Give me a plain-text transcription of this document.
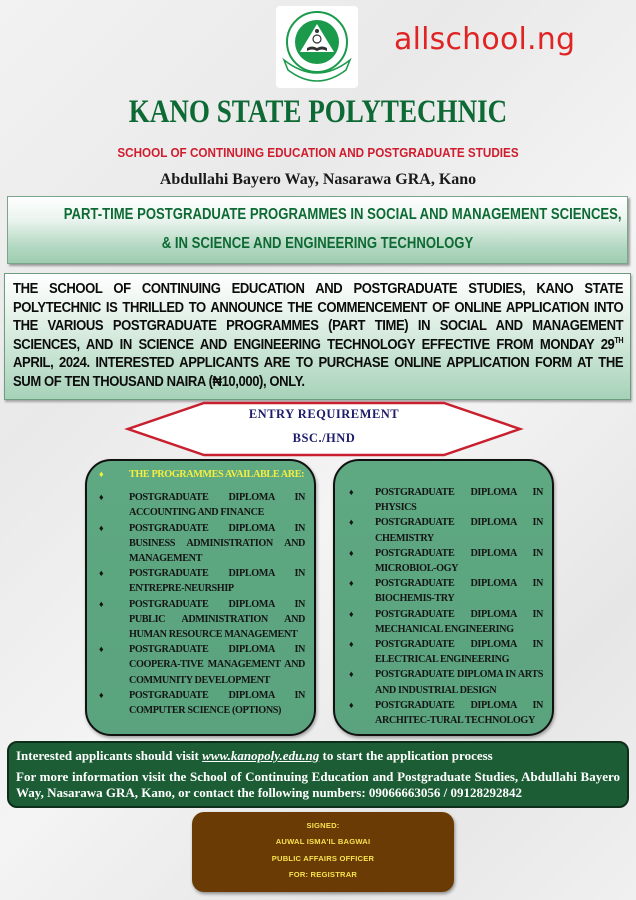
allschool.ng
KANO STATE POLYTECHNIC
SCHOOL OF CONTINUING EDUCATION AND POSTGRADUATE STUDIES
Abdullahi Bayero Way, Nasarawa GRA, Kano
PART-TIME POSTGRADUATE PROGRAMMES IN SOCIAL AND MANAGEMENT SCIENCES,
& IN SCIENCE AND ENGINEERING TECHNOLOGY

THE SCHOOL OF CONTINUING EDUCATION AND POSTGRADUATE STUDIES, KANO STATE POLYTECHNIC IS THRILLED TO ANNOUNCE THE COMMENCEMENT OF ONLINE APPLICATION INTO THE VARIOUS POSTGRADUATE PROGRAMMES (PART TIME) IN SOCIAL AND MANAGEMENT SCIENCES, AND IN SCIENCE AND ENGINEERING TECHNOLOGY EFFECTIVE FROM MONDAY 29TH APRIL, 2024. INTERESTED APPLICANTS ARE TO PURCHASE ONLINE APPLICATION FORM AT THE SUM OF TEN THOUSAND NAIRA (₦10,000), ONLY.

ENTRY REQUIREMENT
BSC./HND
♦	THE PROGRAMMES AVAILABLE ARE:
♦	POSTGRADUATE DIPLOMA IN ACCOUNTING AND FINANCE
♦	POSTGRADUATE DIPLOMA IN BUSINESS ADMINISTRATION AND MANAGEMENT
♦	POSTGRADUATE DIPLOMA IN ENTREPRE-NEURSHIP
♦	POSTGRADUATE DIPLOMA IN PUBLIC ADMINISTRATION AND HUMAN RESOURCE MANAGEMENT
♦	POSTGRADUATE DIPLOMA IN COOPERA-TIVE MANAGEMENT AND COMMUNITY DEVELOPMENT
♦	POSTGRADUATE DIPLOMA IN COMPUTER SCIENCE (OPTIONS)
♦ POSTGRADUATE DIPLOMA IN PHYSICS
♦ POSTGRADUATE DIPLOMA IN CHEMISTRY
♦ POSTGRADUATE DIPLOMA IN MICROBIOL-OGY
♦ POSTGRADUATE DIPLOMA IN BIOCHEMIS-TRY
♦ POSTGRADUATE DIPLOMA IN MECHANICAL ENGINEERING
♦ POSTGRADUATE DIPLOMA IN ELECTRICAL ENGINEERING
♦ POSTGRADUATE DIPLOMA IN ARTS AND INDUSTRIAL DESIGN
♦ POSTGRADUATE DIPLOMA IN ARCHITEC-TURAL TECHNOLOGY

Interested applicants should visit www.kanopoly.edu.ng to start the application process

For more information visit the School of Continuing Education and Postgraduate Studies, Abdullahi Bayero Way, Nasarawa GRA, Kano, or contact the following numbers: 09066663056 / 09128292842

SIGNED:
AUWAL ISMA'IL BAGWAI
PUBLIC AFFAIRS OFFICER
FOR: REGISTRAR
